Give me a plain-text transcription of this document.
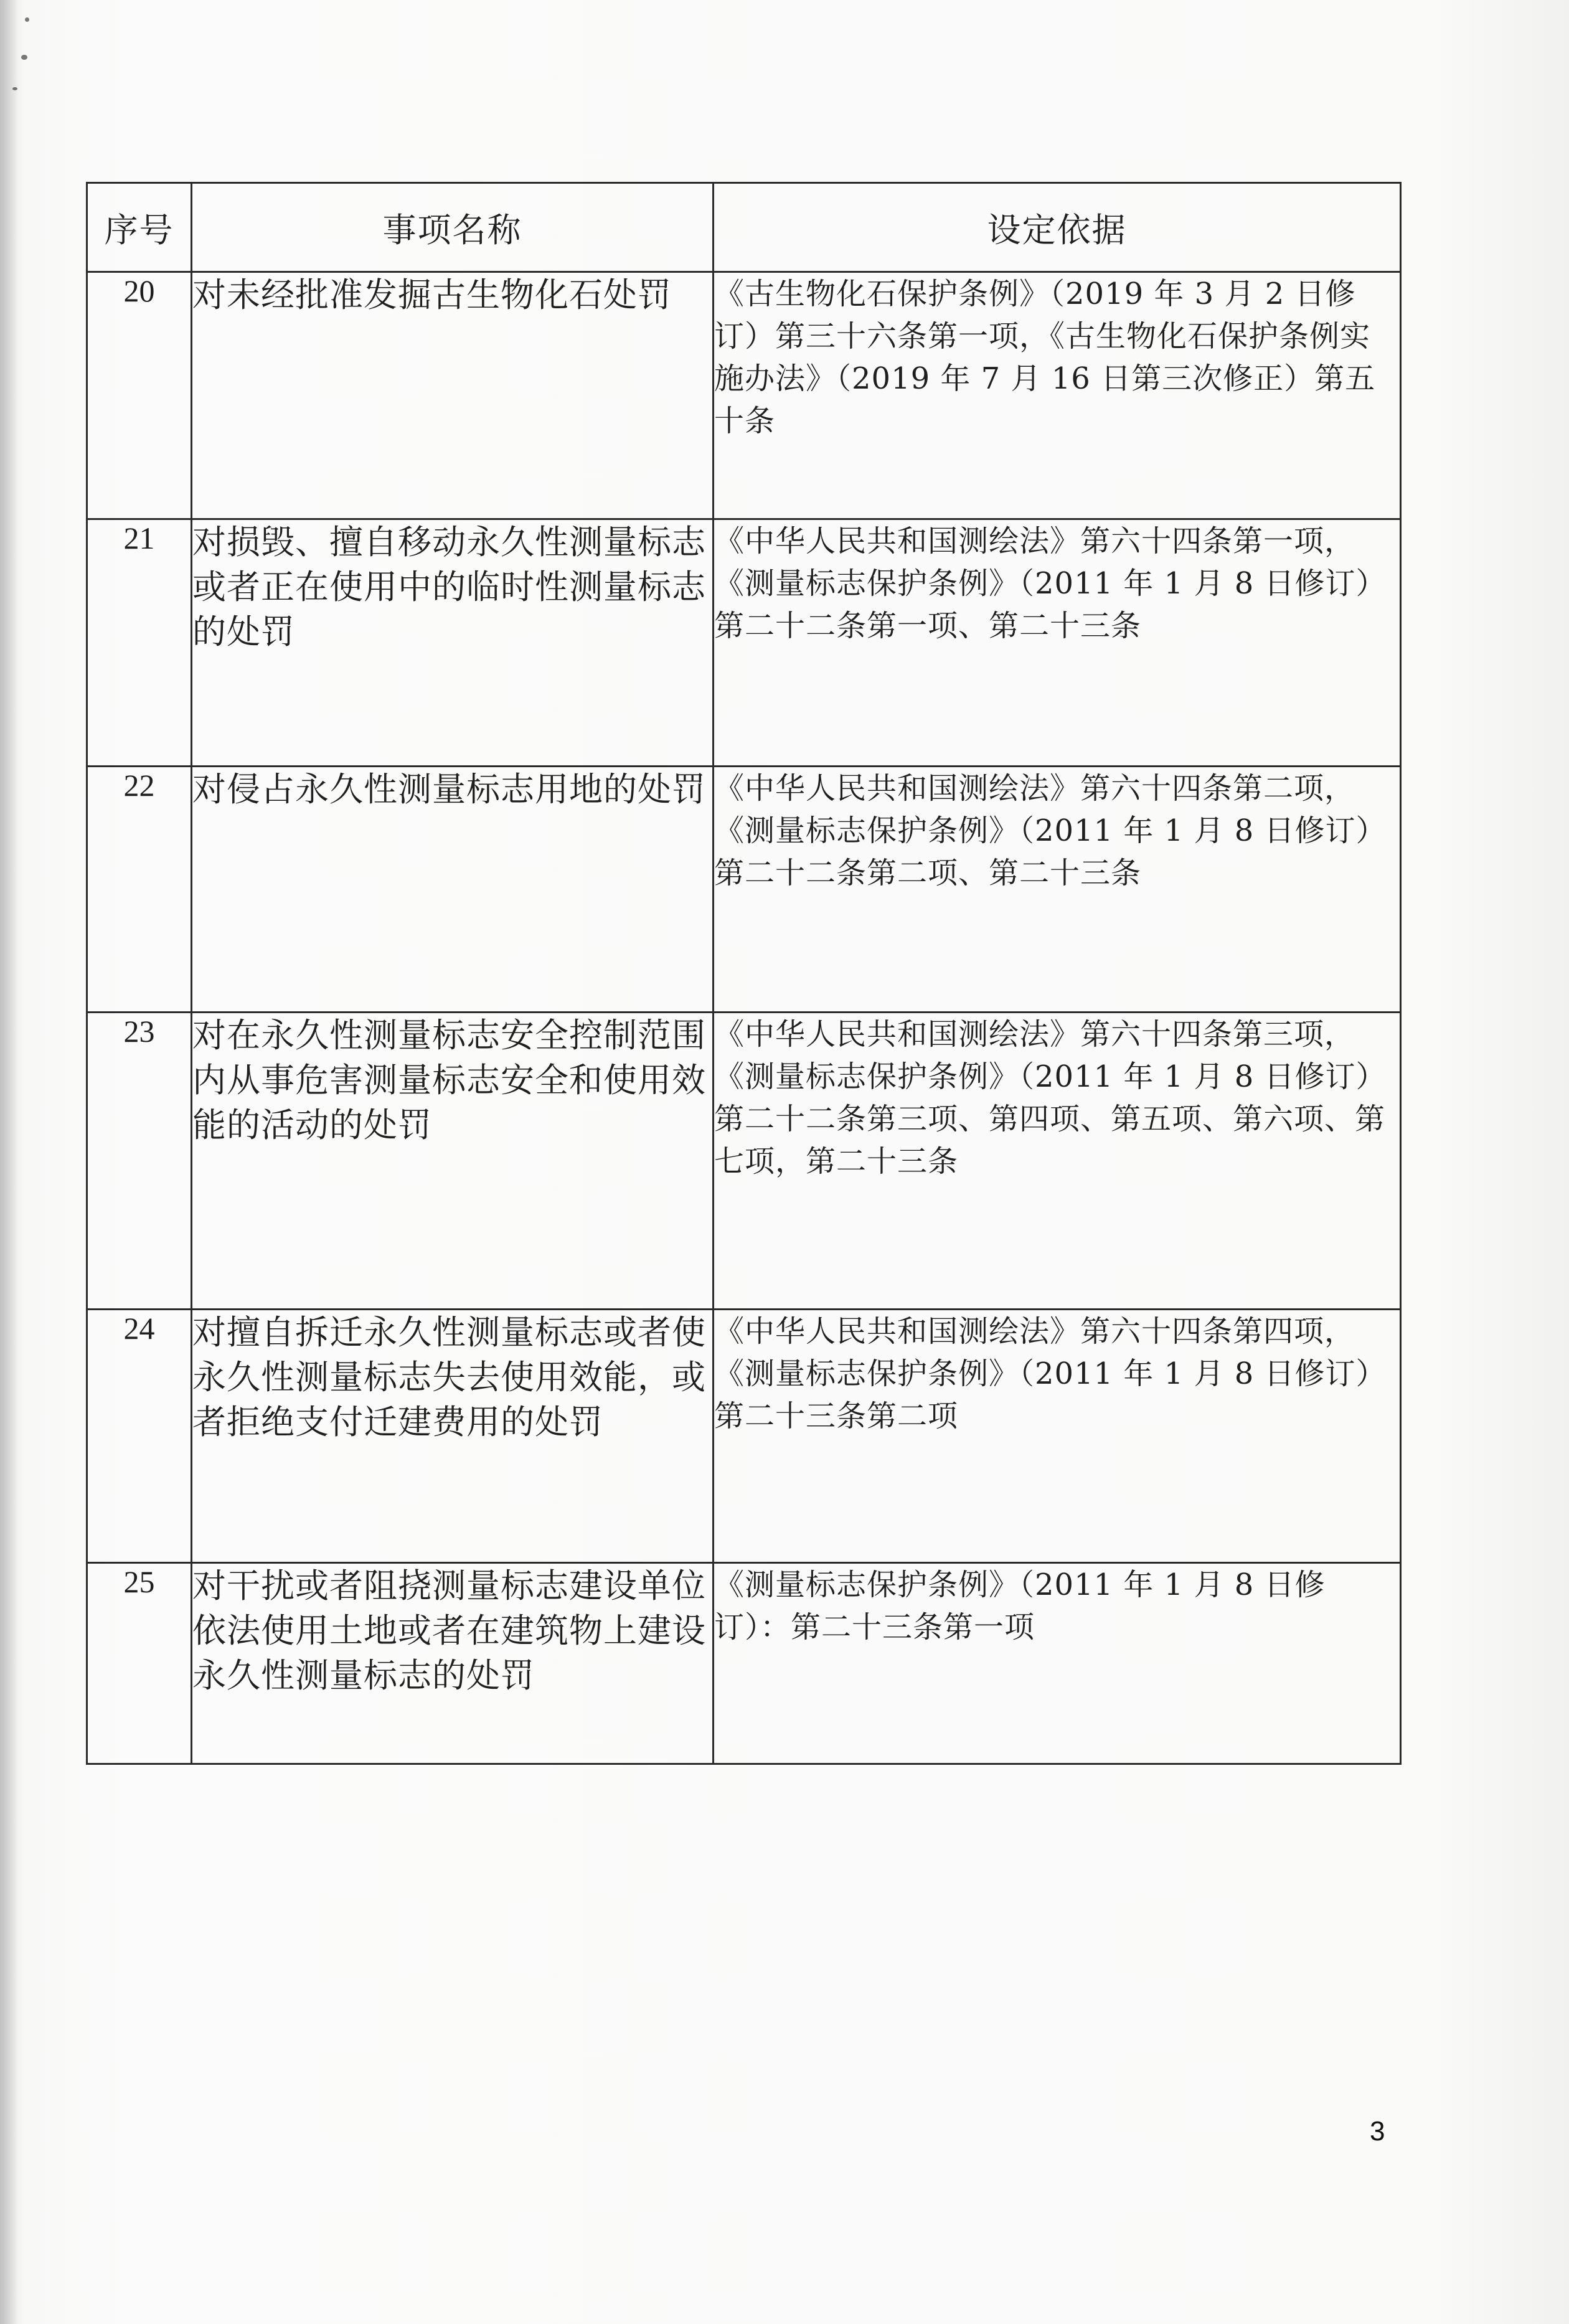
序号	事项名称	设定依据

20	对未经批准发掘古生物化石处罚	《古生物化石保护条例》（2019 年 3 月 2 日修订）第三十六条第一项，《古生物化石保护条例实施办法》（2019 年 7 月 16 日第三次修正）第五十条

21	对损毁、擅自移动永久性测量标志或者正在使用中的临时性测量标志的处罚	《中华人民共和国测绘法》第六十四条第一项，《测量标志保护条例》（2011 年 1 月 8 日修订）第二十二条第一项、第二十三条

22	对侵占永久性测量标志用地的处罚	《中华人民共和国测绘法》第六十四条第二项，《测量标志保护条例》（2011 年 1 月 8 日修订）第二十二条第二项、第二十三条

23	对在永久性测量标志安全控制范围内从事危害测量标志安全和使用效能的活动的处罚	《中华人民共和国测绘法》第六十四条第三项，《测量标志保护条例》（2011 年 1 月 8 日修订）第二十二条第三项、第四项、第五项、第六项、第七项，第二十三条

24	对擅自拆迁永久性测量标志或者使永久性测量标志失去使用效能，或者拒绝支付迁建费用的处罚	《中华人民共和国测绘法》第六十四条第四项，《测量标志保护条例》（2011 年 1 月 8 日修订）第二十三条第二项

25	对干扰或者阻挠测量标志建设单位依法使用土地或者在建筑物上建设永久性测量标志的处罚	《测量标志保护条例》（2011 年 1 月 8 日修订）：第二十三条第一项
3
